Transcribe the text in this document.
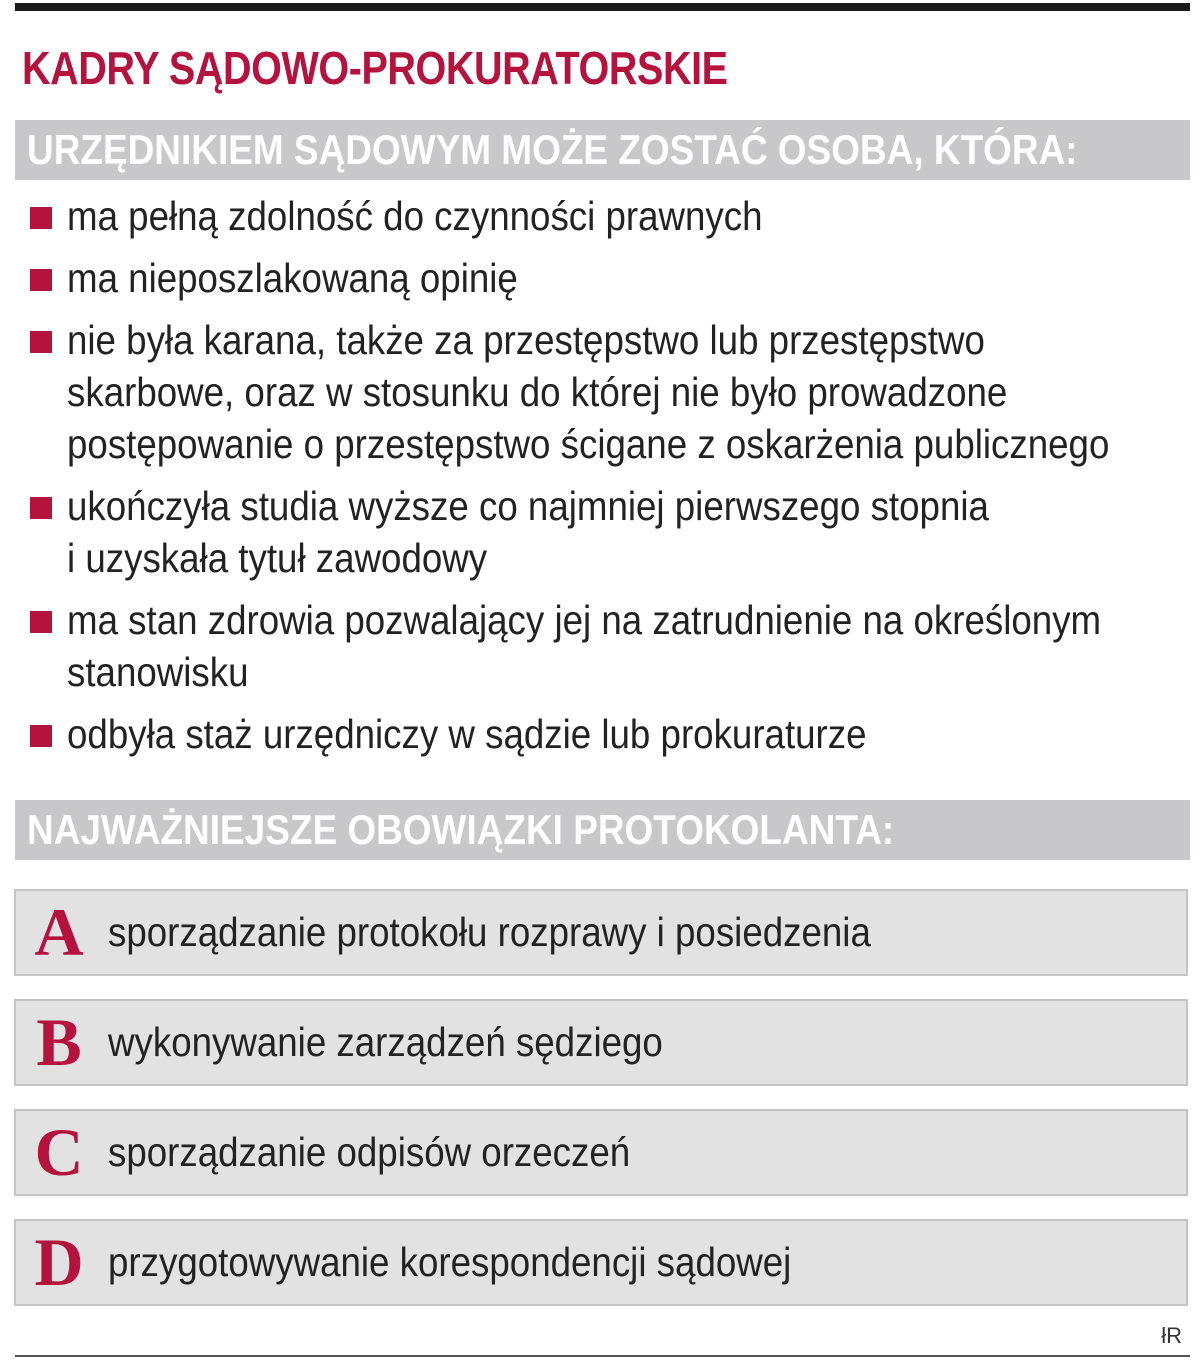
KADRY SĄDOWO-PROKURATORSKIE
URZĘDNIKIEM SĄDOWYM MOŻE ZOSTAĆ OSOBA, KTÓRA:
ma pełną zdolność do czynności prawnych
ma nieposzlakowaną opinię
nie była karana, także za przestępstwo lub przestępstwo
skarbowe, oraz w stosunku do której nie było prowadzone
postępowanie o przestępstwo ścigane z oskarżenia publicznego
ukończyła studia wyższe co najmniej pierwszego stopnia
i uzyskała tytuł zawodowy
ma stan zdrowia pozwalający jej na zatrudnienie na określonym
stanowisku
odbyła staż urzędniczy w sądzie lub prokuraturze
NAJWAŻNIEJSZE OBOWIĄZKI PROTOKOLANTA:
A sporządzanie protokołu rozprawy i posiedzenia
B wykonywanie zarządzeń sędziego
C sporządzanie odpisów orzeczeń
D przygotowywanie korespondencji sądowej
łR
